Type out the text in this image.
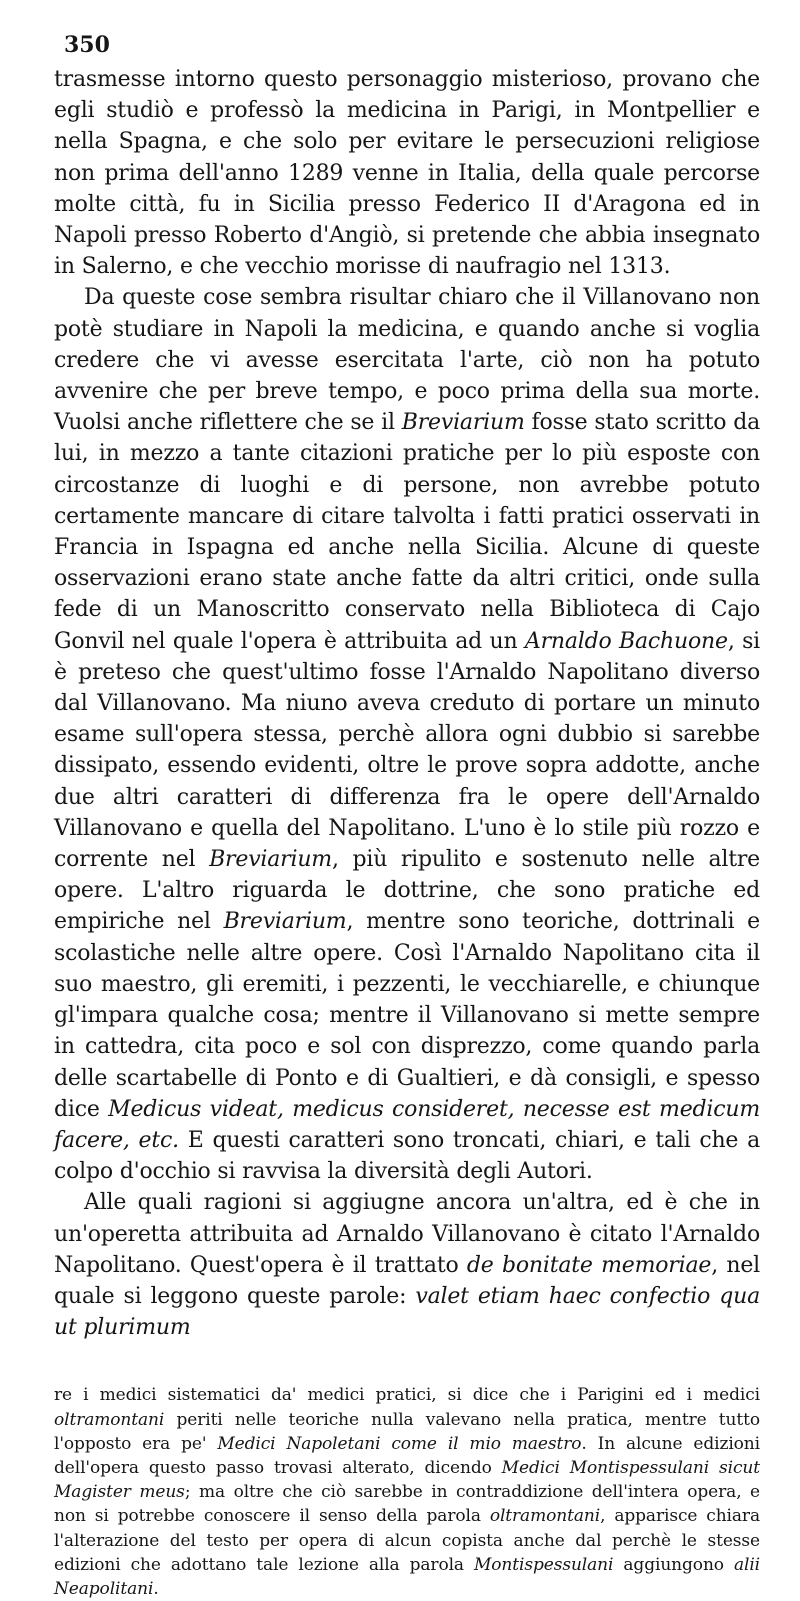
350

trasmesse intorno questo personaggio misterioso, provano che egli studiò e professò la medicina in Parigi, in Montpellier e nella Spagna, e che solo per evitare le persecuzioni religiose non prima dell'anno 1289 venne in Italia, della quale percorse molte città, fu in Sicilia presso Federico II d'Aragona ed in Napoli presso Roberto d'Angiò, si pretende che abbia insegnato in Salerno, e che vecchio morisse di naufragio nel 1313.

Da queste cose sembra risultar chiaro che il Villanovano non potè studiare in Napoli la medicina, e quando anche si voglia credere che vi avesse esercitata l'arte, ciò non ha potuto avvenire che per breve tempo, e poco prima della sua morte. Vuolsi anche riflettere che se il Breviarium fosse stato scritto da lui, in mezzo a tante citazioni pratiche per lo più esposte con circostanze di luoghi e di persone, non avrebbe potuto certamente mancare di citare talvolta i fatti pratici osservati in Francia in Ispagna ed anche nella Sicilia. Alcune di queste osservazioni erano state anche fatte da altri critici, onde sulla fede di un Manoscritto conservato nella Biblioteca di Cajo Gonvil nel quale l'opera è attribuita ad un Arnaldo Bachuone, si è preteso che quest'ultimo fosse l'Arnaldo Napolitano diverso dal Villanovano. Ma niuno aveva creduto di portare un minuto esame sull'opera stessa, perchè allora ogni dubbio si sarebbe dissipato, essendo evidenti, oltre le prove sopra addotte, anche due altri caratteri di differenza fra le opere dell'Arnaldo Villanovano e quella del Napolitano. L'uno è lo stile più rozzo e corrente nel Breviarium, più ripulito e sostenuto nelle altre opere. L'altro riguarda le dottrine, che sono pratiche ed empiriche nel Breviarium, mentre sono teoriche, dottrinali e scolastiche nelle altre opere. Così l'Arnaldo Napolitano cita il suo maestro, gli eremiti, i pezzenti, le vecchiarelle, e chiunque gl'impara qualche cosa; mentre il Villanovano si mette sempre in cattedra, cita poco e sol con disprezzo, come quando parla delle scartabelle di Ponto e di Gualtieri, e dà consigli, e spesso dice Medicus videat, medicus consideret, necesse est medicum facere, etc. E questi caratteri sono troncati, chiari, e tali che a colpo d'occhio si ravvisa la diversità degli Autori.

Alle quali ragioni si aggiugne ancora un'altra, ed è che in un'operetta attribuita ad Arnaldo Villanovano è citato l'Arnaldo Napolitano. Quest'opera è il trattato de bonitate memoriae, nel quale si leggono queste parole: valet etiam haec confectio qua ut plurimum

re i medici sistematici da' medici pratici, si dice che i Parigini ed i medici oltramontani periti nelle teoriche nulla valevano nella pratica, mentre tutto l'opposto era pe' Medici Napoletani come il mio maestro. In alcune edizioni dell'opera questo passo trovasi alterato, dicendo Medici Montispessulani sicut Magister meus; ma oltre che ciò sarebbe in contraddizione dell'intera opera, e non si potrebbe conoscere il senso della parola oltramontani, apparisce chiara l'alterazione del testo per opera di alcun copista anche dal perchè le stesse edizioni che adottano tale lezione alla parola Montispessulani aggiungono alii Neapolitani.
